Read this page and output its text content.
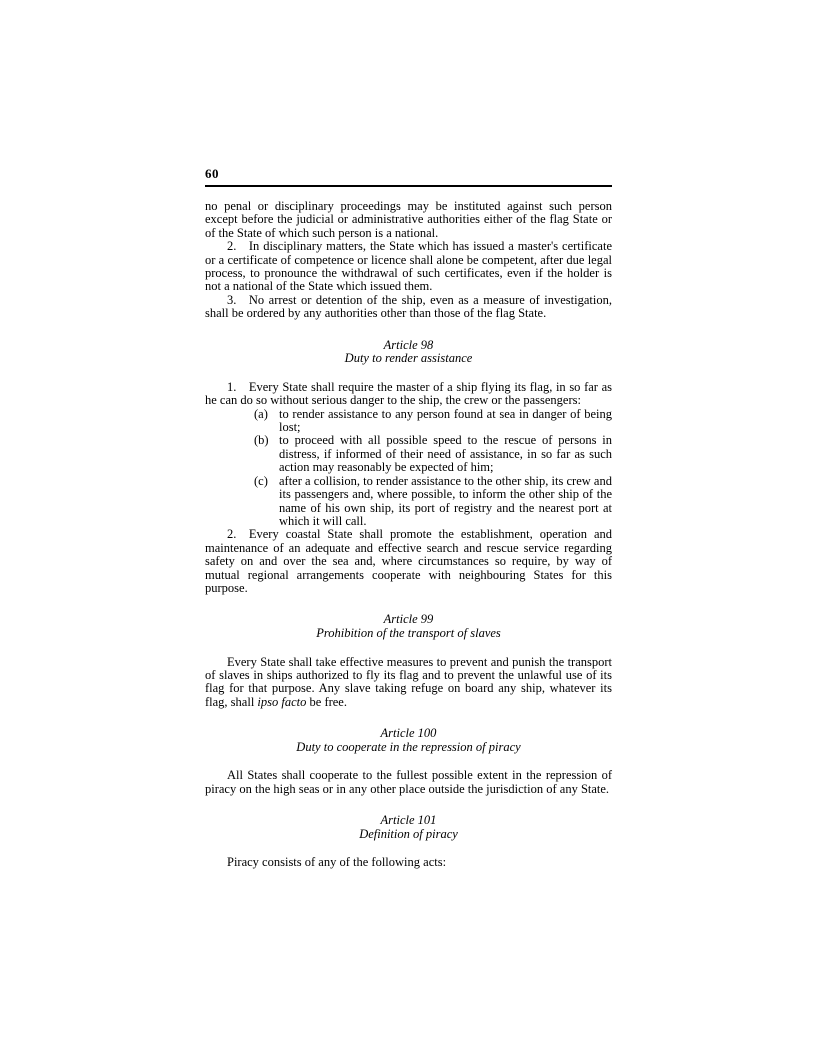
60

no penal or disciplinary proceedings may be instituted against such person except before the judicial or administrative authorities either of the flag State or of the State of which such person is a national.

2. In disciplinary matters, the State which has issued a master's certificate or a certificate of competence or licence shall alone be competent, after due legal process, to pronounce the withdrawal of such certificates, even if the holder is not a national of the State which issued them.

3. No arrest or detention of the ship, even as a measure of investigation, shall be ordered by any authorities other than those of the flag State.

Article 98
Duty to render assistance

1. Every State shall require the master of a ship flying its flag, in so far as he can do so without serious danger to the ship, the crew or the passengers:

(a) to render assistance to any person found at sea in danger of being lost;
(b) to proceed with all possible speed to the rescue of persons in distress, if informed of their need of assistance, in so far as such action may reasonably be expected of him;
(c) after a collision, to render assistance to the other ship, its crew and its passengers and, where possible, to inform the other ship of the name of his own ship, its port of registry and the nearest port at which it will call.

2. Every coastal State shall promote the establishment, operation and maintenance of an adequate and effective search and rescue service regarding safety on and over the sea and, where circumstances so require, by way of mutual regional arrangements cooperate with neighbouring States for this purpose.

Article 99
Prohibition of the transport of slaves

Every State shall take effective measures to prevent and punish the transport of slaves in ships authorized to fly its flag and to prevent the unlawful use of its flag for that purpose. Any slave taking refuge on board any ship, whatever its flag, shall ipso facto be free.

Article 100
Duty to cooperate in the repression of piracy

All States shall cooperate to the fullest possible extent in the repression of piracy on the high seas or in any other place outside the jurisdiction of any State.

Article 101
Definition of piracy

Piracy consists of any of the following acts:
